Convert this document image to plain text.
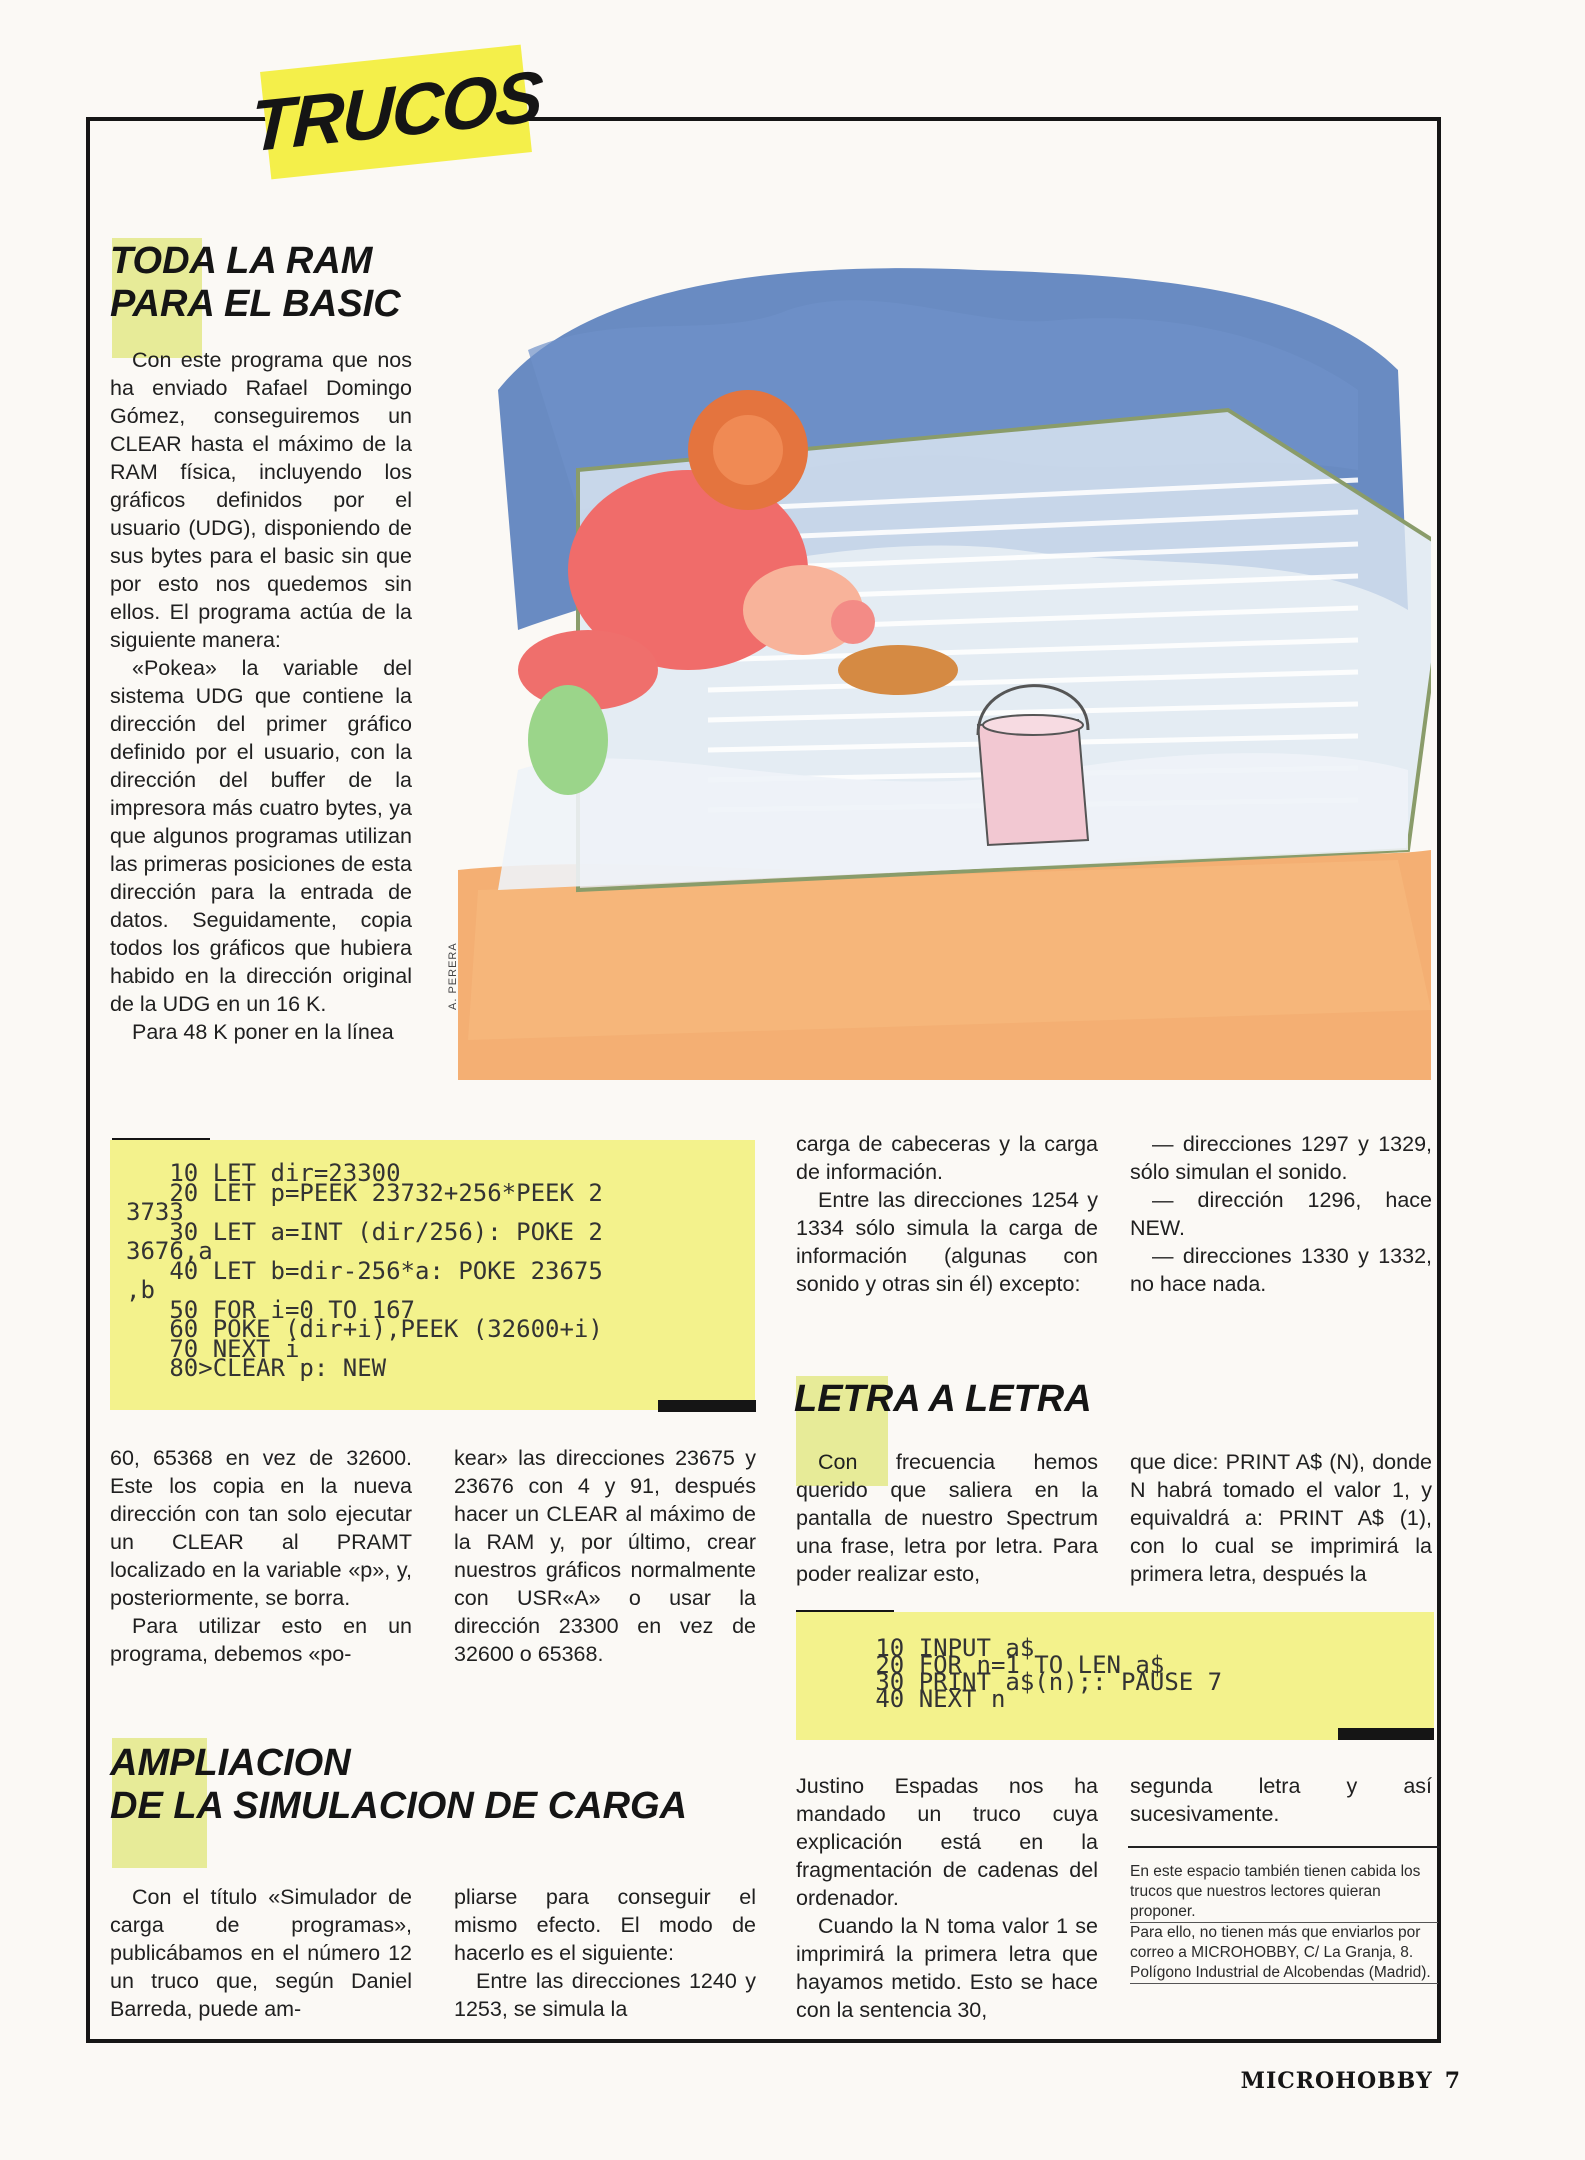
TRUCOS
TODA LA RAM
PARA EL BASIC

Con este programa que nos ha enviado Rafael Domingo Gómez, conseguiremos un CLEAR hasta el máximo de la RAM física, incluyendo los gráficos definidos por el usuario (UDG), disponiendo de sus bytes para el basic sin que por esto nos quedemos sin ellos. El programa actúa de la siguiente manera:

«Pokea» la variable del sistema UDG que contiene la dirección del primer gráfico definido por el usuario, con la dirección del buffer de la impresora más cuatro bytes, ya que algunos programas utilizan las primeras posiciones de esta dirección para la entrada de datos. Seguidamente, copia todos los gráficos que hubiera habido en la dirección original de la UDG en un 16 K.

Para 48 K poner en la línea

A. PERERA
10 LET dir=23300
20 LET p=PEEK 23732+256*PEEK 2
3733
30 LET a=INT (dir/256): POKE 2
3676,a
40 LET b=dir-256*a: POKE 23675
,b
50 FOR i=0 TO 167
60 POKE (dir+i),PEEK (32600+i)
70 NEXT i
80>CLEAR p: NEW

60, 65368 en vez de 32600. Este los copia en la nueva dirección con tan solo ejecutar un CLEAR al PRAMT localizado en la variable «p», y, posteriormente, se borra.

Para utilizar esto en un programa, debemos «po-

kear» las direcciones 23675 y 23676 con 4 y 91, después hacer un CLEAR al máximo de la RAM y, por último, crear nuestros gráficos normalmente con USR«A» o usar la dirección 23300 en vez de 32600 o 65368.

AMPLIACION
DE LA SIMULACION DE CARGA

Con el título «Simulador de carga de programas», publicábamos en el número 12 un truco que, según Daniel Barreda, puede am-

pliarse para conseguir el mismo efecto. El modo de hacerlo es el siguiente:

Entre las direcciones 1240 y 1253, se simula la

carga de cabeceras y la carga de información.

Entre las direcciones 1254 y 1334 sólo simula la carga de información (algunas con sonido y otras sin él) excepto:

— direcciones 1297 y 1329, sólo simulan el sonido.

— dirección 1296, hace NEW.

— direcciones 1330 y 1332, no hace nada.

LETRA A LETRA

Con frecuencia hemos querido que saliera en la pantalla de nuestro Spectrum una frase, letra por letra. Para poder realizar esto,

que dice: PRINT A$ (N), donde N habrá tomado el valor 1, y equivaldrá a: PRINT A$ (1), con lo cual se imprimirá la primera letra, después la

10 INPUT a$
20 FOR n=1 TO LEN a$
30 PRINT a$(n);: PAUSE 7
40 NEXT n

Justino Espadas nos ha mandado un truco cuya explicación está en la fragmentación de cadenas del ordenador.

Cuando la N toma valor 1 se imprimirá la primera letra que hayamos metido. Esto se hace con la sentencia 30,

segunda letra y así sucesivamente.

En este espacio también tienen cabida los trucos que nuestros lectores quieran proponer.

Para ello, no tienen más que enviarlos por correo a MICROHOBBY, C/ La Granja, 8. Polígono Industrial de Alcobendas (Madrid).

MICROHOBBY 7
